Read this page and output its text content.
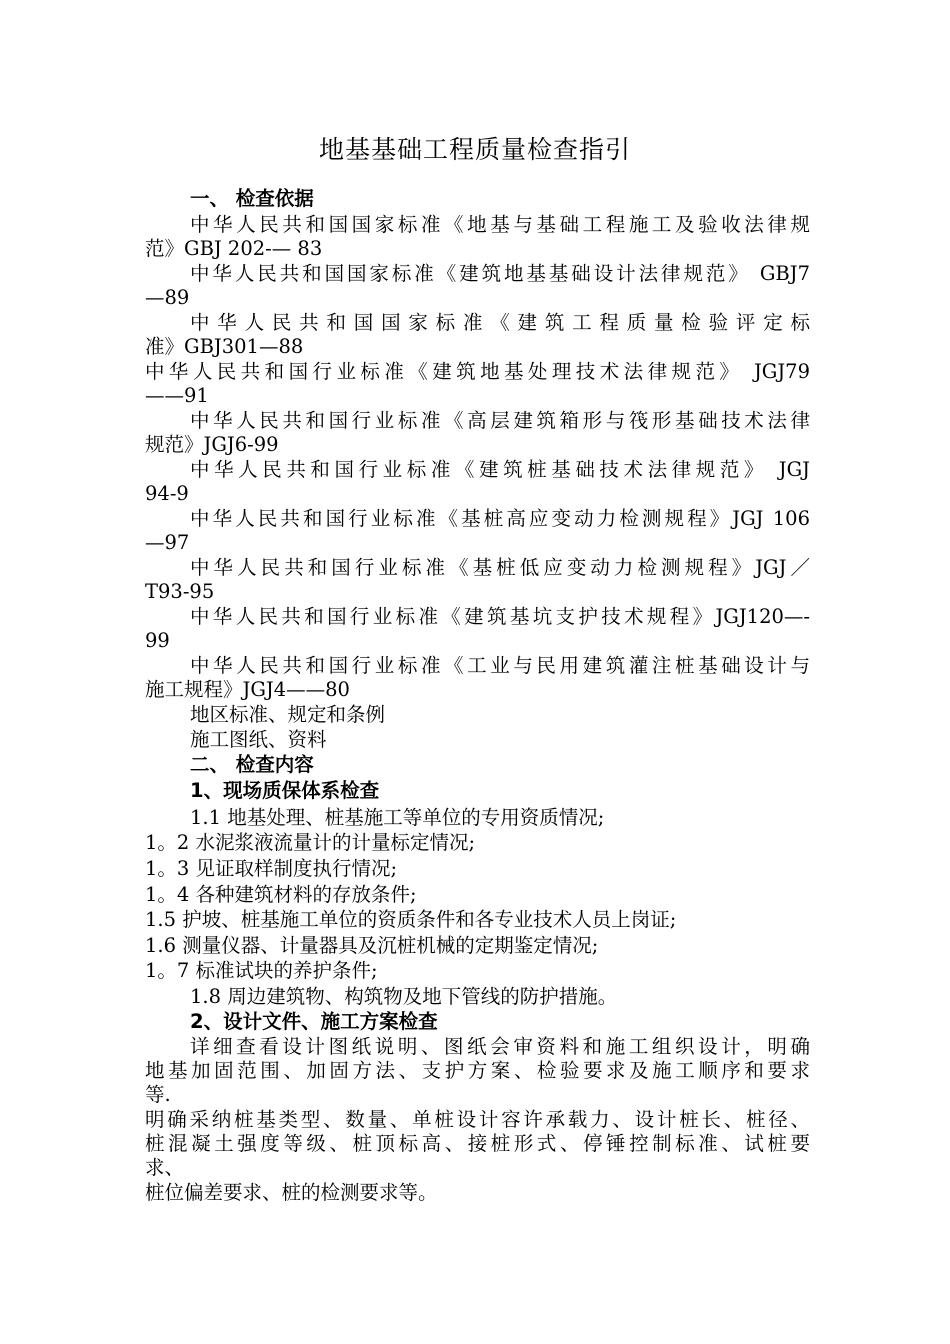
地基基础工程质量检查指引
一、 检查依据
中华人民共和国国家标准《地基与基础工程施工及验收法律规
范》GBJ 202-— 83
中华人民共和国国家标准《建筑地基基础设计法律规范》 GBJ7
—89
中华人民共和国国家标准《建筑工程质量检验评定标
准》GBJ301—88
中华人民共和国行业标准《建筑地基处理技术法律规范》 JGJ79
——91
中华人民共和国行业标准《高层建筑箱形与筏形基础技术法律
规范》JGJ6-99
中华人民共和国行业标准《建筑桩基础技术法律规范》 JGJ
94-9
中华人民共和国行业标准《基桩高应变动力检测规程》JGJ 106
—97
中华人民共和国行业标准《基桩低应变动力检测规程》JGJ／
T93-95
中华人民共和国行业标准《建筑基坑支护技术规程》JGJ120—-
99
中华人民共和国行业标准《工业与民用建筑灌注桩基础设计与
施工规程》JGJ4——80
地区标准、规定和条例
施工图纸、资料
二、 检查内容
1、现场质保体系检查
1.1 地基处理、桩基施工等单位的专用资质情况;
1。2 水泥浆液流量计的计量标定情况;
1。3 见证取样制度执行情况;
1。4 各种建筑材料的存放条件;
1.5 护坡、桩基施工单位的资质条件和各专业技术人员上岗证;
1.6 测量仪器、计量器具及沉桩机械的定期鉴定情况;
1。7 标准试块的养护条件;
1.8 周边建筑物、构筑物及地下管线的防护措施。
2、设计文件、施工方案检查
详细查看设计图纸说明、图纸会审资料和施工组织设计，明确
地基加固范围、加固方法、支护方案、检验要求及施工顺序和要求
等.
明确采纳桩基类型、数量、单桩设计容许承载力、设计桩长、桩径、
桩混凝土强度等级、桩顶标高、接桩形式、停锤控制标准、试桩要
求、
桩位偏差要求、桩的检测要求等。
